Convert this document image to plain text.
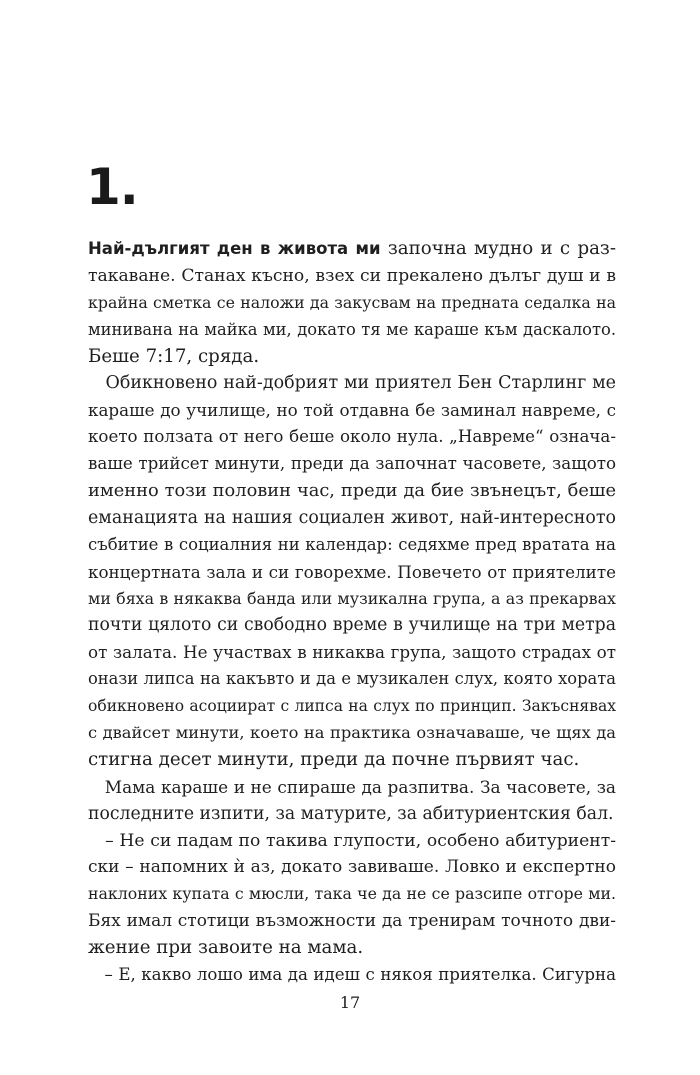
1.
Най-дългият ден в живота ми започна мудно и с раз-
такаване. Станах късно, взех си прекалено дълъг душ и в
крайна сметка се наложи да закусвам на предната седалка на
минивана на майка ми, докато тя ме караше към даскалото.
Беше 7:17, сряда.
Обикновено най-добрият ми приятел Бен Старлинг ме
караше до училище, но той отдавна бе заминал навреме, с
което ползата от него беше около нула. „Навреме“ означа-
ваше трийсет минути, преди да започнат часовете, защото
именно този половин час, преди да бие звънецът, беше
еманацията на нашия социален живот, най-интересното
събитие в социалния ни календар: седяхме пред вратата на
концертната зала и си говорехме. Повечето от приятелите
ми бяха в някаква банда или музикална група, а аз прекарвах
почти цялото си свободно време в училище на три метра
от залата. Не участвах в никаква група, защото страдах от
онази липса на какъвто и да е музикален слух, която хората
обикновено асоциират с липса на слух по принцип. Закъснявах
с двайсет минути, което на практика означаваше, че щях да
стигна десет минути, преди да почне първият час.
Мама караше и не спираше да разпитва. За часовете, за
последните изпити, за матурите, за абитуриентския бал.
– Не си падам по такива глупости, особено абитуриент-
ски – напомних ѝ аз, докато завиваше. Ловко и експертно
наклоних купата с мюсли, така че да не се разсипе отгоре ми.
Бях имал стотици възможности да тренирам точното дви-
жение при завоите на мама.
– Е, какво лошо има да идеш с някоя приятелка. Сигурна
17
